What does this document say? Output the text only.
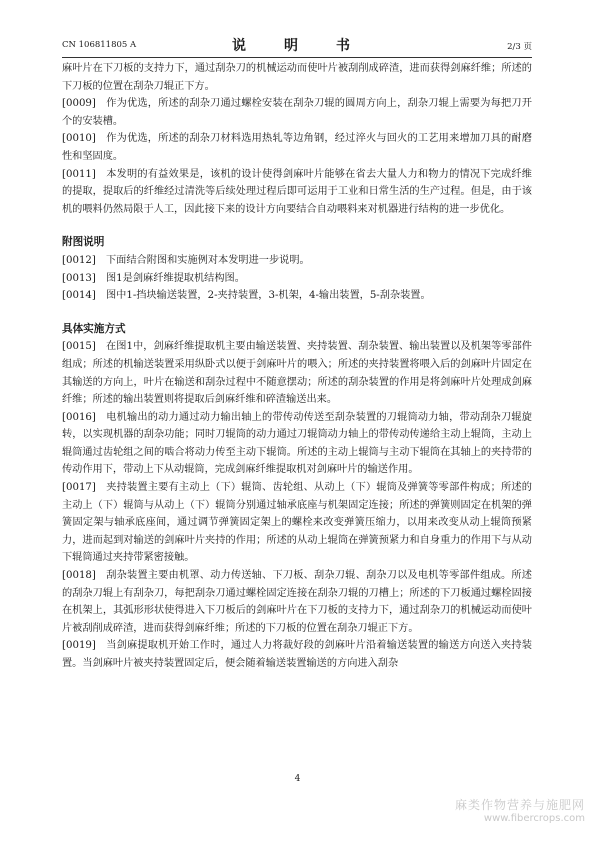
CN 106811805 A	说　明　书	2/3 页

麻叶片在下刀板的支持力下，通过刮杂刀的机械运动而使叶片被刮削成碎渣，进而获得剑麻纤维；所述的下刀板的位置在刮杂刀辊正下方。

[0009] 作为优选，所述的刮杂刀通过螺栓安装在刮杂刀辊的圆周方向上，刮杂刀辊上需要为每把刀开个的安装槽。

[0010] 作为优选，所述的刮杂刀材料选用热轧等边角钢，经过淬火与回火的工艺用来增加刀具的耐磨性和坚固度。

[0011] 本发明的有益效果是，该机的设计使得剑麻叶片能够在省去大量人力和物力的情况下完成纤维的提取，提取后的纤维经过清洗等后续处理过程后即可运用于工业和日常生活的生产过程。但是，由于该机的喂料仍然局限于人工，因此接下来的设计方向要结合自动喂料来对机器进行结构的进一步优化。

附图说明

[0012] 下面结合附图和实施例对本发明进一步说明。

[0013] 图1是剑麻纤维提取机结构图。

[0014] 图中1-挡块输送装置，2-夹持装置，3-机架，4-输出装置，5-刮杂装置。

具体实施方式

[0015] 在图1中，剑麻纤维提取机主要由输送装置、夹持装置、刮杂装置、输出装置以及机架等零部件组成；所述的机输送装置采用纵卧式以便于剑麻叶片的喂入；所述的夹持装置将喂入后的剑麻叶片固定在其输送的方向上，叶片在输送和刮杂过程中不随意摆动；所述的刮杂装置的作用是将剑麻叶片处理成剑麻纤维；所述的输出装置则将提取后剑麻纤维和碎渣输送出来。

[0016] 电机输出的动力通过动力输出轴上的带传动传送至刮杂装置的刀辊筒动力轴，带动刮杂刀辊旋转，以实现机器的刮杂功能；同时刀辊筒的动力通过刀辊筒动力轴上的带传动传递给主动上辊筒，主动上辊筒通过齿轮组之间的啮合将动力传至主动下辊筒。所述的主动上辊筒与主动下辊筒在其轴上的夹持带的传动作用下，带动上下从动辊筒，完成剑麻纤维提取机对剑麻叶片的输送作用。

[0017] 夹持装置主要有主动上（下）辊筒、齿轮组、从动上（下）辊筒及弹簧等零部件构成；所述的主动上（下）辊筒与从动上（下）辊筒分别通过轴承底座与机架固定连接；所述的弹簧则固定在机架的弹簧固定架与轴承底座间，通过调节弹簧固定架上的螺栓来改变弹簧压缩力，以用来改变从动上辊筒预紧力，进而起到对输送的剑麻叶片夹持的作用；所述的从动上辊筒在弹簧预紧力和自身重力的作用下与从动下辊筒通过夹持带紧密接触。

[0018] 刮杂装置主要由机罩、动力传送轴、下刀板、刮杂刀辊、刮杂刀以及电机等零部件组成。所述的刮杂刀辊上有刮杂刀，每把刮杂刀通过螺栓固定连接在刮杂刀辊的刀槽上；所述的下刀板通过螺栓固接在机架上，其弧形形状使得进入下刀板后的剑麻叶片在下刀板的支持力下，通过刮杂刀的机械运动而使叶片被刮削成碎渣，进而获得剑麻纤维；所述的下刀板的位置在刮杂刀辊正下方。

[0019] 当剑麻提取机开始工作时，通过人力将裁好段的剑麻叶片沿着输送装置的输送方向送入夹持装置。当剑麻叶片被夹持装置固定后，便会随着输送装置输送的方向进入刮杂

4
麻类作物营养与施肥网
www.fibercrops.com
